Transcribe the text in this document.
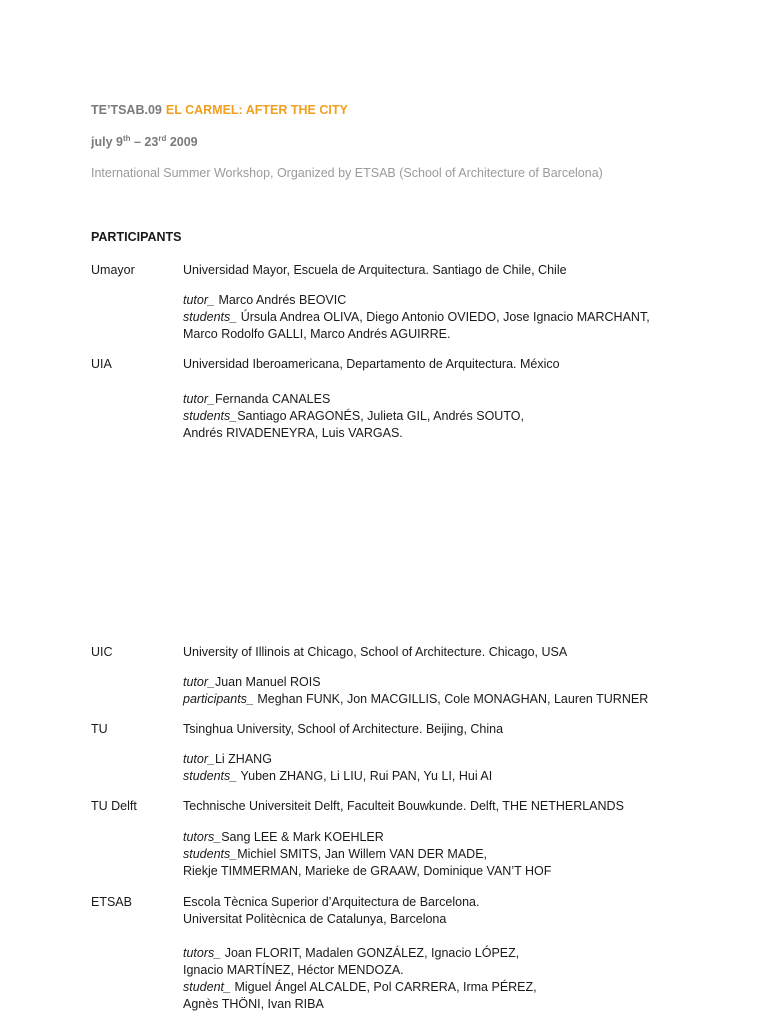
TE’TSAB.09 EL CARMEL: AFTER THE CITY
july 9th – 23rd 2009
International Summer Workshop, Organized by ETSAB (School of Architecture of Barcelona)
PARTICIPANTS
Umayor	Universidad Mayor, Escuela de Arquitectura. Santiago de Chile, Chile
tutor_ Marco Andrés BEOVIC
students_ Úrsula Andrea OLIVA, Diego Antonio OVIEDO, Jose Ignacio MARCHANT,
Marco Rodolfo GALLI, Marco Andrés AGUIRRE.
UIA	Universidad Iberoamericana, Departamento de Arquitectura. México
tutor_Fernanda CANALES
students_Santiago ARAGONÉS, Julieta GIL, Andrés SOUTO,
Andrés RIVADENEYRA, Luis VARGAS.
UIC	University of Illinois at Chicago, School of Architecture. Chicago, USA
tutor_Juan Manuel ROIS
participants_ Meghan FUNK, Jon MACGILLIS, Cole MONAGHAN, Lauren TURNER
TU	Tsinghua University, School of Architecture. Beijing, China
tutor_Li ZHANG
students_ Yuben ZHANG, Li LIU, Rui PAN, Yu LI, Hui AI
TU Delft	Technische Universiteit Delft, Faculteit Bouwkunde. Delft, THE NETHERLANDS
tutors_Sang LEE & Mark KOEHLER
students_Michiel SMITS, Jan Willem VAN DER MADE,
Riekje TIMMERMAN, Marieke de GRAAW, Dominique VAN’T HOF
ETSAB	Escola Tècnica Superior d’Arquitectura de Barcelona.
Universitat Politècnica de Catalunya, Barcelona
tutors_ Joan FLORIT, Madalen GONZÁLEZ, Ignacio LÓPEZ,
Ignacio MARTÍNEZ, Héctor MENDOZA.
student_ Miguel Ángel ALCALDE, Pol CARRERA, Irma PÉREZ,
Agnès THÖNI, Ivan RIBA
